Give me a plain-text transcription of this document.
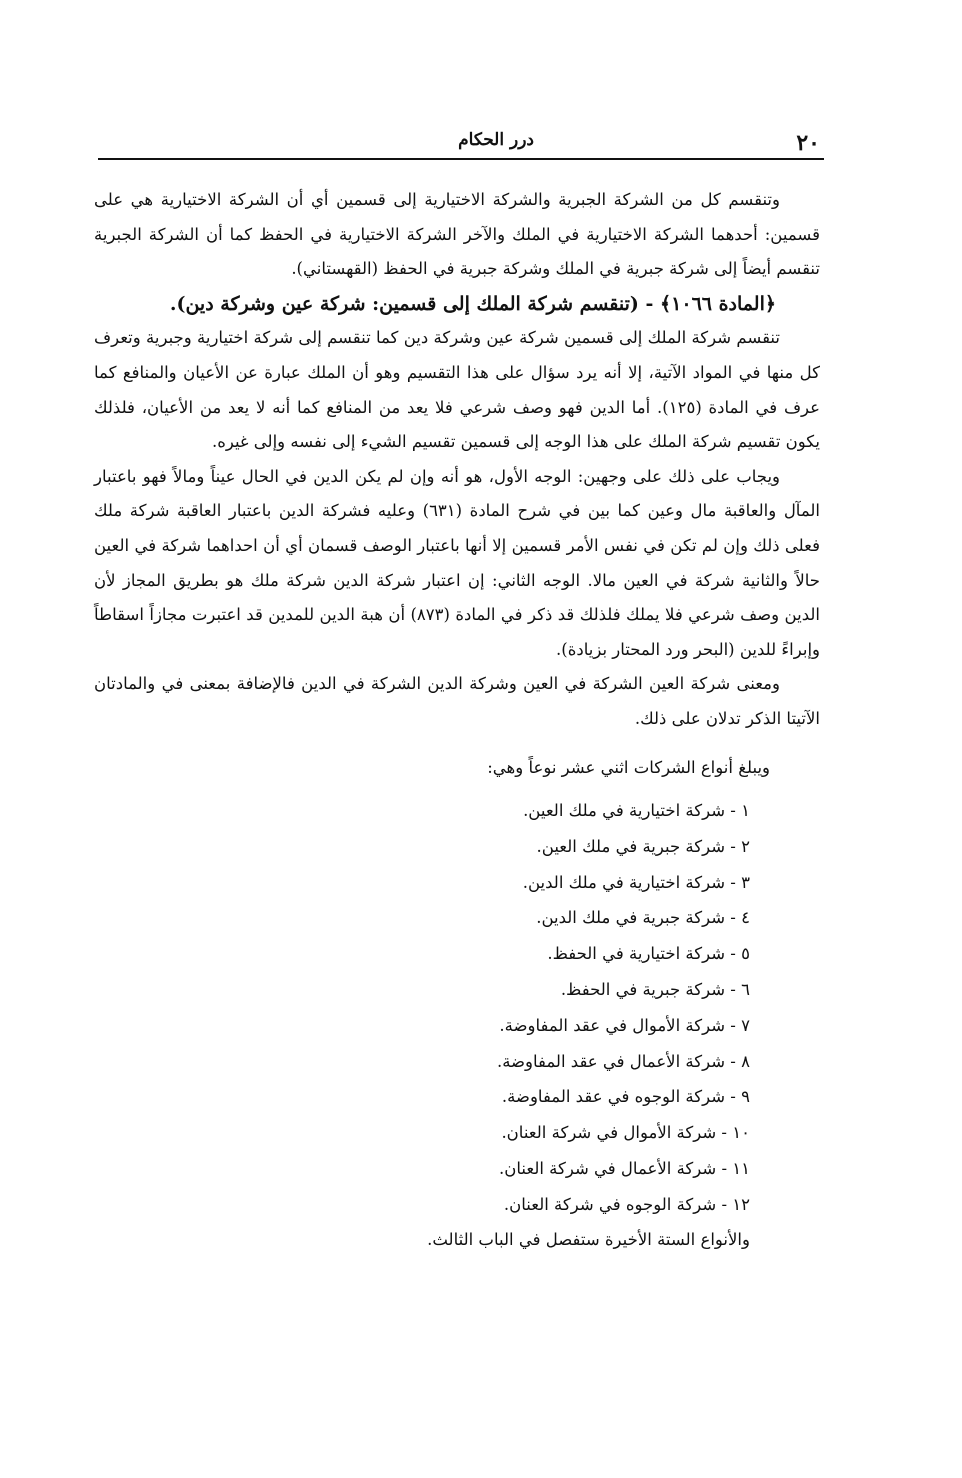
٢٠
درر الحكام

وتنقسم كل من الشركة الجبرية والشركة الاختيارية إلى قسمين أي أن الشركة الاختيارية هي على قسمين: أحدهما الشركة الاختيارية في الملك والآخر الشركة الاختيارية في الحفظ كما أن الشركة الجبرية تنقسم أيضاً إلى شركة جبرية في الملك وشركة جبرية في الحفظ (القهستاني).

﴿المادة ١٠٦٦﴾ - (تنقسم شركة الملك إلى قسمين: شركة عين وشركة دين).

تنقسم شركة الملك إلى قسمين شركة عين وشركة دين كما تنقسم إلى شركة اختيارية وجبرية وتعرف كل منها في المواد الآتية، إلا أنه يرد سؤال على هذا التقسيم وهو أن الملك عبارة عن الأعيان والمنافع كما عرف في المادة (١٢٥). أما الدين فهو وصف شرعي فلا يعد من المنافع كما أنه لا يعد من الأعيان، فلذلك يكون تقسيم شركة الملك على هذا الوجه إلى قسمين تقسيم الشيء إلى نفسه وإلى غيره.

ويجاب على ذلك على وجهين: الوجه الأول، هو أنه وإن لم يكن الدين في الحال عيناً ومالاً فهو باعتبار المآل والعاقبة مال وعين كما بين في شرح المادة (٦٣١) وعليه فشركة الدين باعتبار العاقبة شركة ملك فعلى ذلك وإن لم تكن في نفس الأمر قسمين إلا أنها باعتبار الوصف قسمان أي أن احداهما شركة في العين حالاً والثانية شركة في العين مالا. الوجه الثاني: إن اعتبار شركة الدين شركة ملك هو بطريق المجاز لأن الدين وصف شرعي فلا يملك فلذلك قد ذكر في المادة (٨٧٣) أن هبة الدين للمدين قد اعتبرت مجازاً اسقاطاً وإبراءً للدين (البحر ورد المحتار بزيادة).

ومعنى شركة العين الشركة في العين وشركة الدين الشركة في الدين فالإضافة بمعنى في والمادتان الآتيتا الذكر تدلان على ذلك.

ويبلغ أنواع الشركات اثني عشر نوعاً وهي:

١ - شركة اختيارية في ملك العين.
٢ - شركة جبرية في ملك العين.
٣ - شركة اختيارية في ملك الدين.
٤ - شركة جبرية في ملك الدين.
٥ - شركة اختيارية في الحفظ.
٦ - شركة جبرية في الحفظ.
٧ - شركة الأموال في عقد المفاوضة.
٨ - شركة الأعمال في عقد المفاوضة.
٩ - شركة الوجوه في عقد المفاوضة.
١٠ - شركة الأموال في شركة العنان.
١١ - شركة الأعمال في شركة العنان.
١٢ - شركة الوجوه في شركة العنان.

والأنواع الستة الأخيرة ستفصل في الباب الثالث.
